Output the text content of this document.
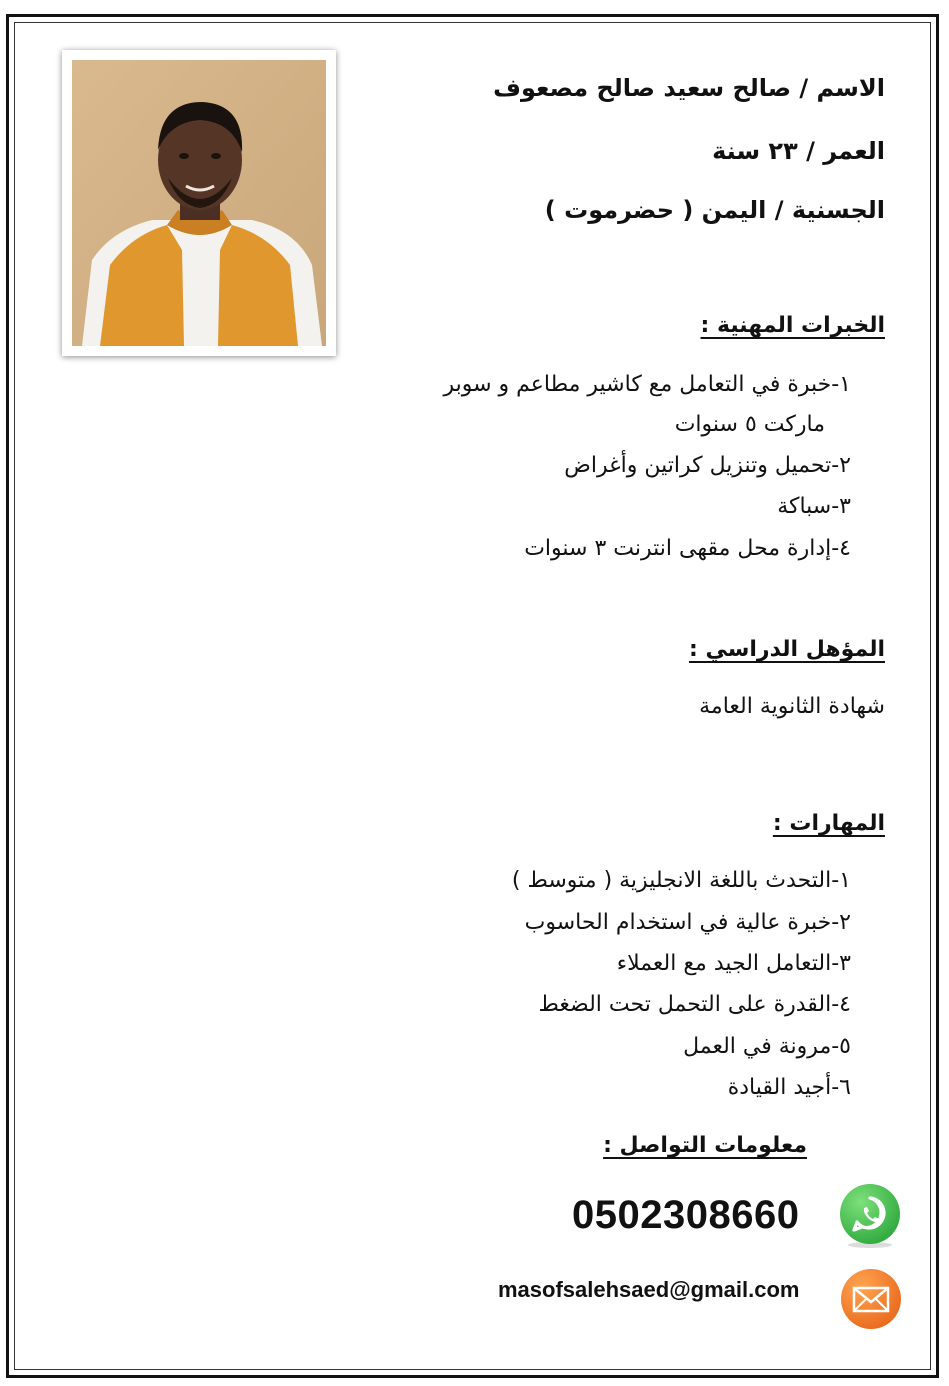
الاسم / صالح سعيد صالح مصعوف
العمر / ٢٣ سنة
الجسنية / اليمن ( حضرموت )
الخبرات المهنية :
١-خبرة في التعامل مع كاشير مطاعم و سوبر
ماركت ٥ سنوات
٢-تحميل وتنزيل كراتين وأغراض
٣-سباكة
٤-إدارة محل مقهى انترنت ٣ سنوات
المؤهل الدراسي :
شهادة الثانوية العامة
المهارات :
١-التحدث باللغة الانجليزية ( متوسط )
٢-خبرة عالية في استخدام الحاسوب
٣-التعامل الجيد مع العملاء
٤-القدرة على التحمل تحت الضغط
٥-مرونة في العمل
٦-أجيد القيادة
معلومات التواصل :
0502308660
masofsalehsaed@gmail.com
